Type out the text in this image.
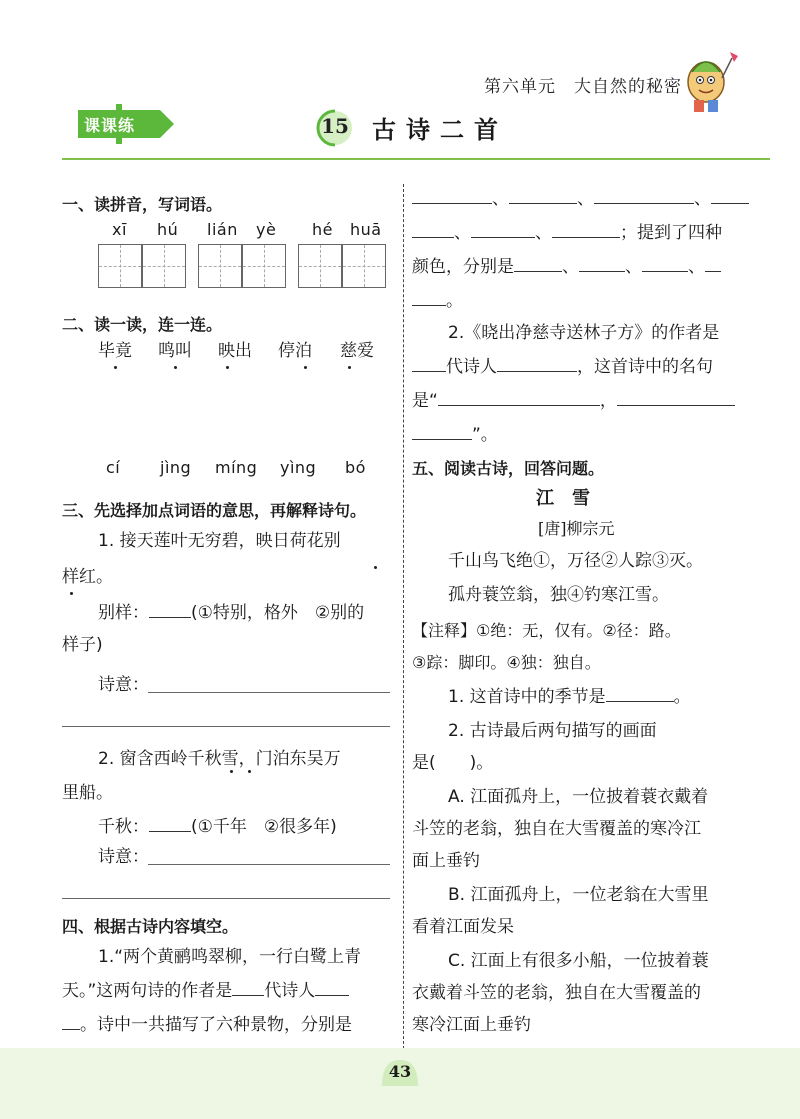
第六单元　大自然的秘密
课课练	15 古诗二首
一、读拼音，写词语。
xī hú lián yè hé huā
二、读一读，连一连。
毕竟 鸣叫 映出 停泊 慈爱
cí jìng míng yìng bó
三、先选择加点词语的意思，再解释诗句。
1. 接天莲叶无穷碧，映日荷花别
样红。
别样： (①特别，格外　②别的
样子)
诗意：
2. 窗含西岭千秋雪，门泊东吴万
里船。
千秋： (①千年　②很多年)
诗意：
四、根据古诗内容填空。
1.“两个黄鹂鸣翠柳，一行白鹭上青
天。”这两句诗的作者是 代诗人
。诗中一共描写了六种景物，分别是
、	、	、
、	、	；提到了四种
颜色，分别是	、	、	、
。
2.《晓出净慈寺送林子方》的作者是
代诗人	，这首诗中的名句
是“	，
”。
五、阅读古诗，回答问题。
江　雪
[唐]柳宗元
千山鸟飞绝①，万径②人踪③灭。
孤舟蓑笠翁，独④钓寒江雪。
【注释】①绝：无，仅有。②径：路。
③踪：脚印。④独：独自。
1. 这首诗中的季节是	。
2. 古诗最后两句描写的画面
是(　　)。
A. 江面孤舟上，一位披着蓑衣戴着
斗笠的老翁，独自在大雪覆盖的寒冷江
面上垂钓
B. 江面孤舟上，一位老翁在大雪里
看着江面发呆
C. 江面上有很多小船，一位披着蓑
衣戴着斗笠的老翁，独自在大雪覆盖的
寒冷江面上垂钓
43
